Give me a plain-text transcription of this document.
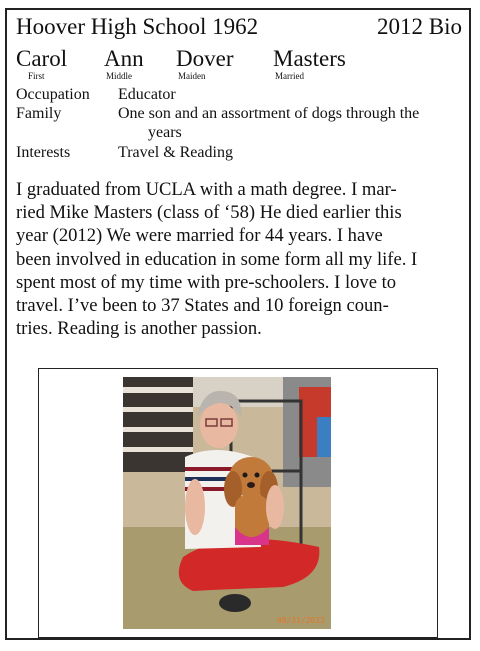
Hoover High School 1962	2012 Bio
Carol
First
Ann
Middle
Dover
Maiden
Masters
Married
Occupation Educator
Family	One son and an assortment of dogs through the
years
Interests	Travel & Reading
I graduated from UCLA with a math degree. I mar-
ried Mike Masters (class of ‘58) He died earlier this
year (2012) We were married for 44 years. I have
been involved in education in some form all my life. I
spent most of my time with pre-schoolers. I love to
travel. I’ve been to 37 States and 10 foreign coun-
tries. Reading is another passion.
08/31/2012
